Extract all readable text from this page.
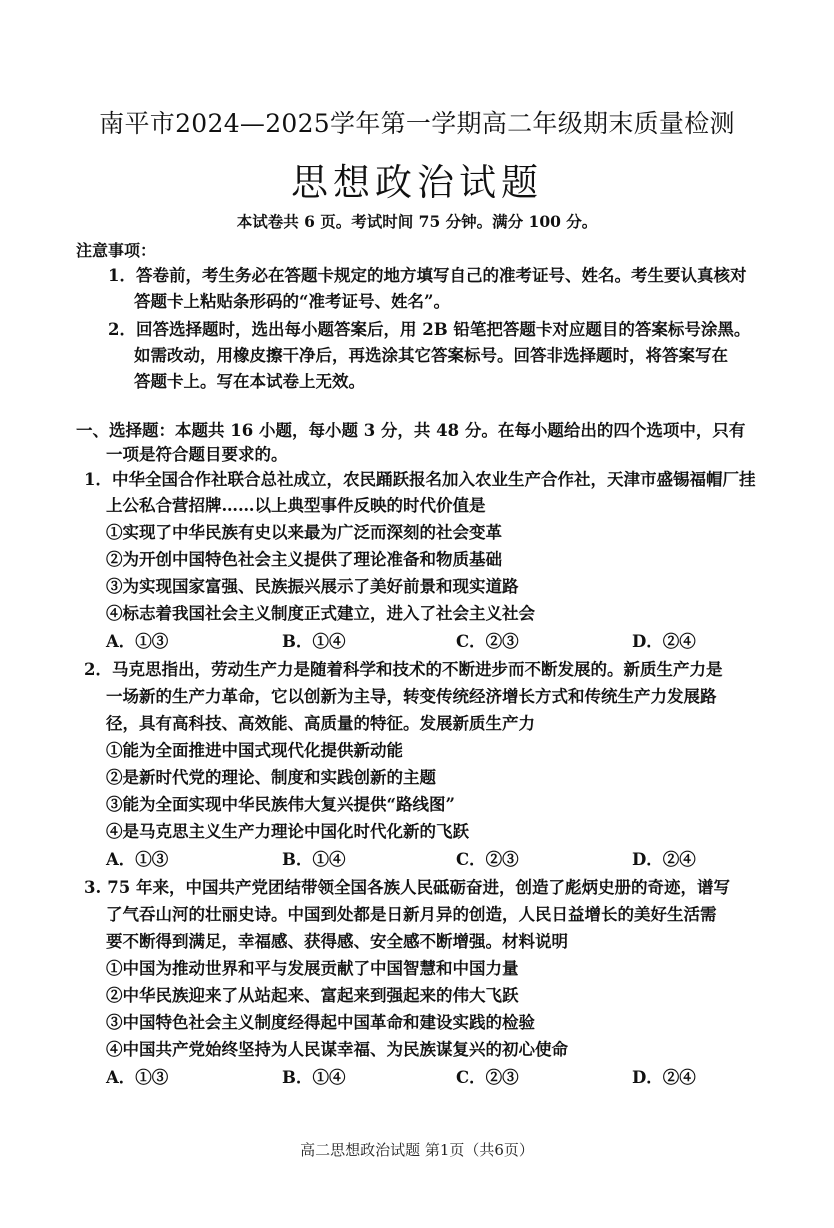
南平市2024—2025学年第一学期高二年级期末质量检测
思想政治试题
本试卷共 6 页。考试时间 75 分钟。满分 100 分。
注意事项：
1．答卷前，考生务必在答题卡规定的地方填写自己的准考证号、姓名。考生要认真核对
答题卡上粘贴条形码的“准考证号、姓名”。
2．回答选择题时，选出每小题答案后，用 2B 铅笔把答题卡对应题目的答案标号涂黑。
如需改动，用橡皮擦干净后，再选涂其它答案标号。回答非选择题时，将答案写在
答题卡上。写在本试卷上无效。
一、选择题：本题共 16 小题，每小题 3 分，共 48 分。在每小题给出的四个选项中，只有
一项是符合题目要求的。
1．中华全国合作社联合总社成立，农民踊跃报名加入农业生产合作社，天津市盛锡福帽厂挂
上公私合营招牌……以上典型事件反映的时代价值是
①实现了中华民族有史以来最为广泛而深刻的社会变革
②为开创中国特色社会主义提供了理论准备和物质基础
③为实现国家富强、民族振兴展示了美好前景和现实道路
④标志着我国社会主义制度正式建立，进入了社会主义社会
A．①③	B．①④	C．②③	D．②④
2．马克思指出，劳动生产力是随着科学和技术的不断进步而不断发展的。新质生产力是
一场新的生产力革命，它以创新为主导，转变传统经济增长方式和传统生产力发展路
径，具有高科技、高效能、高质量的特征。发展新质生产力
①能为全面推进中国式现代化提供新动能
②是新时代党的理论、制度和实践创新的主题
③能为全面实现中华民族伟大复兴提供“路线图”
④是马克思主义生产力理论中国化时代化新的飞跃
A．①③	B．①④	C．②③	D．②④
3. 75 年来，中国共产党团结带领全国各族人民砥砺奋进，创造了彪炳史册的奇迹，谱写
了气吞山河的壮丽史诗。中国到处都是日新月异的创造，人民日益增长的美好生活需
要不断得到满足，幸福感、获得感、安全感不断增强。材料说明
①中国为推动世界和平与发展贡献了中国智慧和中国力量
②中华民族迎来了从站起来、富起来到强起来的伟大飞跃
③中国特色社会主义制度经得起中国革命和建设实践的检验
④中国共产党始终坚持为人民谋幸福、为民族谋复兴的初心使命
A．①③	B．①④	C．②③	D．②④
高二思想政治试题 第1页（共6页）
